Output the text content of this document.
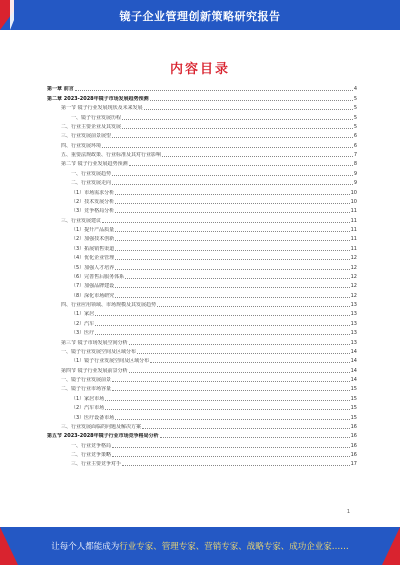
镜子企业管理创新策略研究报告
内容目录
第一章 前言	4
第二章 2023-2028年镜子市场发展趋势预测	5
第一节 镜子行业发展现状及未来发展	5
一、镜子行业发展历程	5
二、行业主要企业及其发展	5
三、行业发展前景展望	6
四、行业发展环境	6
五、重要法规政策、行业标准及其对行业影响	7
第二节 镜子行业发展趋势预测	8
一、行业发展趋势	9
二、行业发展走向	9
（1）市场需求分析	10
（2）技术发展分析	10
（3）竞争格局分析	11
三、行业发展建议	11
（1）提升产品质量	11
（2）加强技术创新	11
（3）拓展销售渠道	11
（4）优化企业管理	12
（5）加强人才培养	12
（6）完善售后服务体系	12
（7）加强品牌建设	12
（8）深化市场研究	12
四、行业应用领域、市场规模及其发展趋势	13
（1）家居	13
（2）汽车	13
（3）医疗	13
第三节 镜子市场发展空间分析	13
一、镜子行业发展空间及区域分布	14
（1）镜子行业发展空间及区域分布	14
第四节 镜子行业发展前景分析	14
一、镜子行业发展前景	14
二、镜子行业市场容量	15
（1）家居市场	15
（2）汽车市场	15
（3）医疗设备市场	15
三、行业发展面临的问题及解决方案	16
第五节 2023-2028年镜子行业市场竞争格局分析	16
一、行业竞争格局	16
二、行业竞争策略	16
三、行业主要竞争对手	17
1
让每个人都能成为行业专家、管理专家、营销专家、战略专家、成功企业家……
